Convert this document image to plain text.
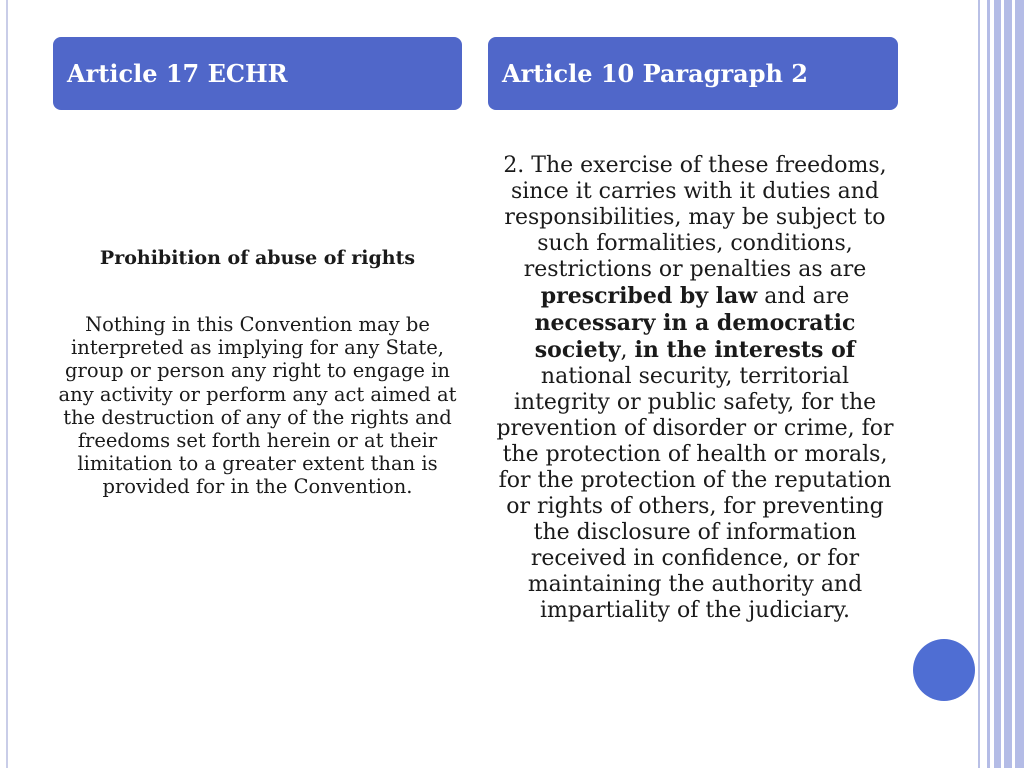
Article 17 ECHR	Article 10 Paragraph 2
Prohibition of abuse of rights
Nothing in this Convention may be interpreted as implying for any State, group or person any right to engage in any activity or perform any act aimed at the destruction of any of the rights and freedoms set forth herein or at their limitation to a greater extent than is provided for in the Convention.
2. The exercise of these freedoms, since it carries with it duties and responsibilities, may be subject to such formalities, conditions, restrictions or penalties as are prescribed by law and are necessary in a democratic society, in the interests of national security, territorial integrity or public safety, for the prevention of disorder or crime, for the protection of health or morals, for the protection of the reputation or rights of others, for preventing the disclosure of information received in confidence, or for maintaining the authority and impartiality of the judiciary.
